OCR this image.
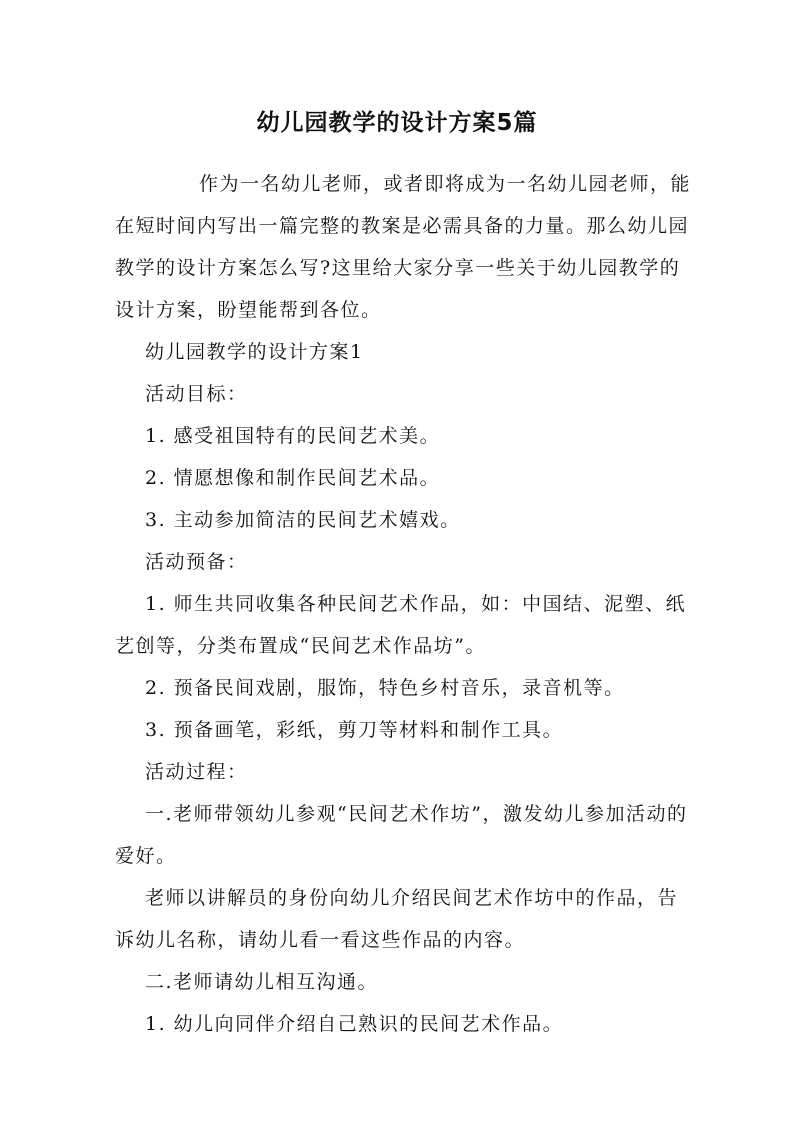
幼儿园教学的设计方案5篇

作为一名幼儿老师，或者即将成为一名幼儿园老师，能在短时间内写出一篇完整的教案是必需具备的力量。那么幼儿园教学的设计方案怎么写?这里给大家分享一些关于幼儿园教学的设计方案，盼望能帮到各位。

幼儿园教学的设计方案1

活动目标：

1. 感受祖国特有的民间艺术美。

2. 情愿想像和制作民间艺术品。

3. 主动参加简洁的民间艺术嬉戏。

活动预备：

1. 师生共同收集各种民间艺术作品，如：中国结、泥塑、纸艺创等，分类布置成“民间艺术作品坊”。

2. 预备民间戏剧，服饰，特色乡村音乐，录音机等。

3. 预备画笔，彩纸，剪刀等材料和制作工具。

活动过程：

一.老师带领幼儿参观“民间艺术作坊”，激发幼儿参加活动的爱好。

老师以讲解员的身份向幼儿介绍民间艺术作坊中的作品，告诉幼儿名称，请幼儿看一看这些作品的内容。

二.老师请幼儿相互沟通。

1. 幼儿向同伴介绍自己熟识的民间艺术作品。
